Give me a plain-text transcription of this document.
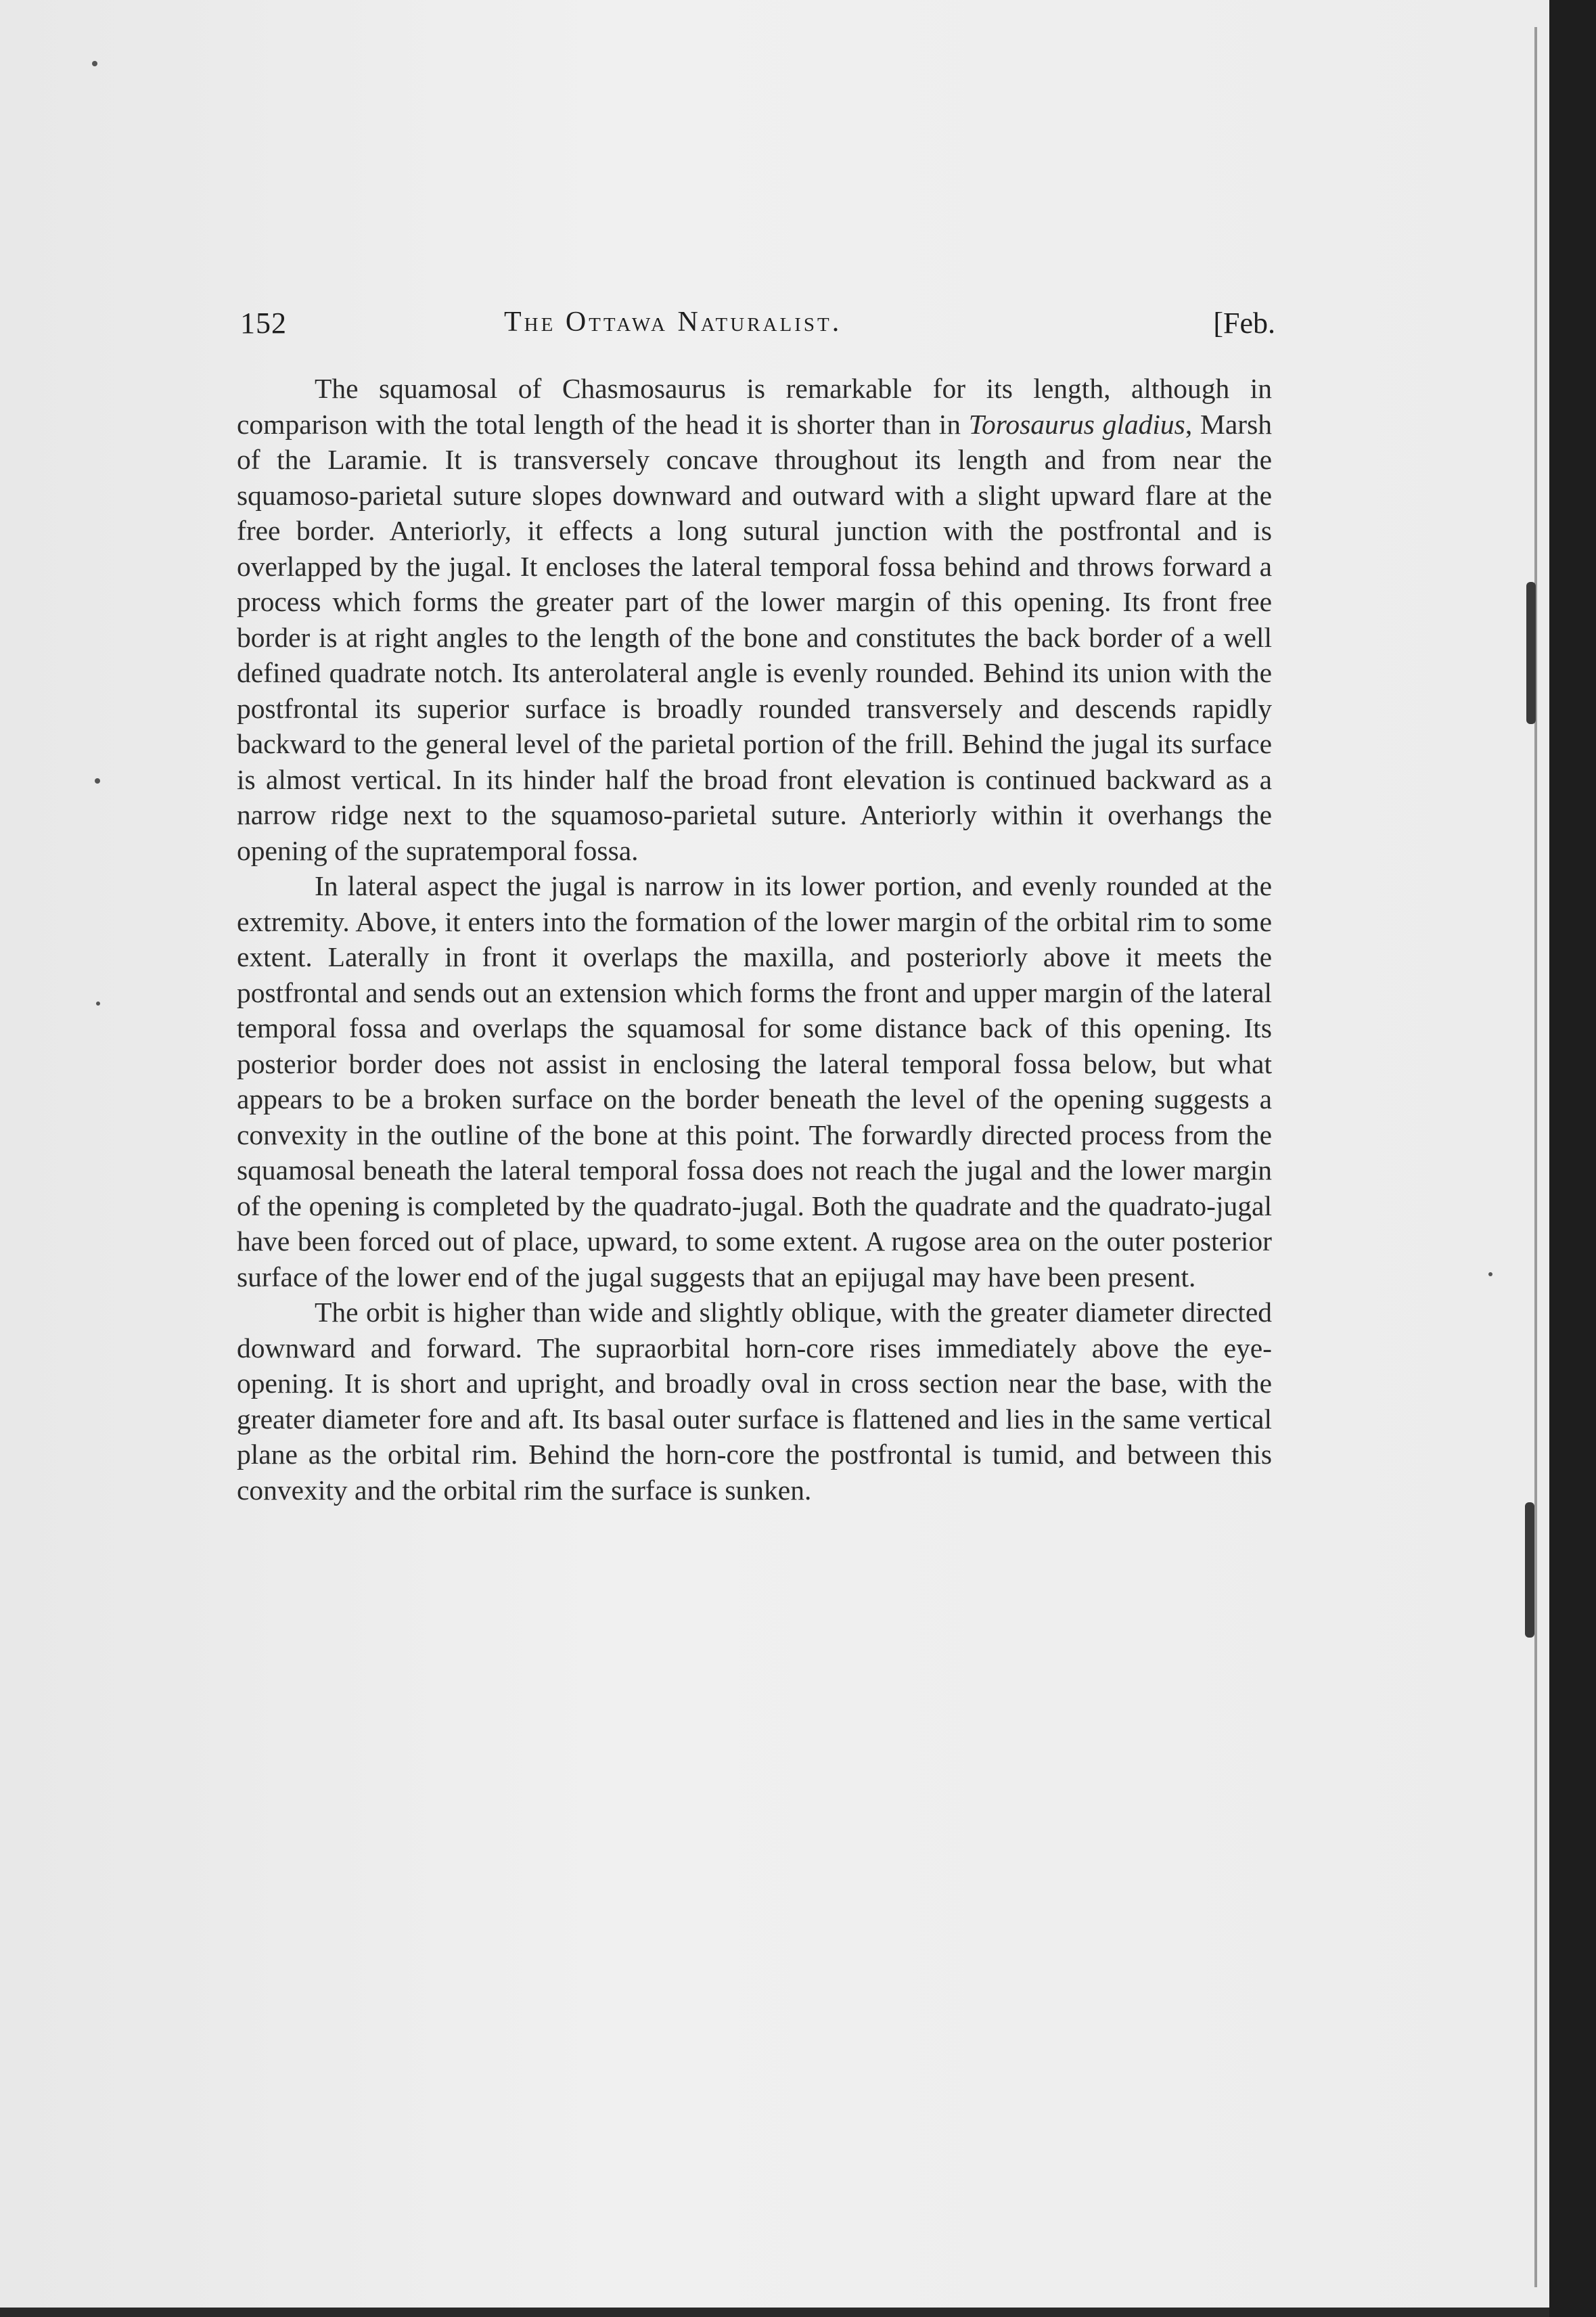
152	The Ottawa Naturalist.	[Feb.

The squamosal of Chasmosaurus is remarkable for its length, although in comparison with the total length of the head it is shorter than in Torosaurus gladius, Marsh of the Laramie. It is transversely concave throughout its length and from near the squamoso-parietal suture slopes downward and outward with a slight upward flare at the free border. Anteriorly, it effects a long sutural junction with the postfrontal and is overlapped by the jugal. It encloses the lateral temporal fossa behind and throws forward a process which forms the greater part of the lower margin of this opening. Its front free border is at right angles to the length of the bone and constitutes the back border of a well defined quadrate notch. Its anterolateral angle is evenly rounded. Behind its union with the postfrontal its superior surface is broadly rounded transversely and descends rapidly backward to the general level of the parietal portion of the frill. Behind the jugal its surface is almost vertical. In its hinder half the broad front elevation is continued backward as a narrow ridge next to the squamoso-parietal suture. Anteriorly within it overhangs the opening of the supratemporal fossa.

In lateral aspect the jugal is narrow in its lower portion, and evenly rounded at the extremity. Above, it enters into the formation of the lower margin of the orbital rim to some extent. Laterally in front it overlaps the maxilla, and posteriorly above it meets the postfrontal and sends out an extension which forms the front and upper margin of the lateral temporal fossa and overlaps the squamosal for some distance back of this opening. Its posterior border does not assist in enclosing the lateral temporal fossa below, but what appears to be a broken surface on the border beneath the level of the opening suggests a convexity in the outline of the bone at this point. The forwardly directed process from the squamosal beneath the lateral temporal fossa does not reach the jugal and the lower margin of the opening is completed by the quadrato-jugal. Both the quadrate and the quadrato-jugal have been forced out of place, upward, to some extent. A rugose area on the outer posterior surface of the lower end of the jugal suggests that an epijugal may have been present.

The orbit is higher than wide and slightly oblique, with the greater diameter directed downward and forward. The supraorbital horn-core rises immediately above the eye-opening. It is short and upright, and broadly oval in cross section near the base, with the greater diameter fore and aft. Its basal outer surface is flattened and lies in the same vertical plane as the orbital rim. Behind the horn-core the postfrontal is tumid, and between this convexity and the orbital rim the surface is sunken.
